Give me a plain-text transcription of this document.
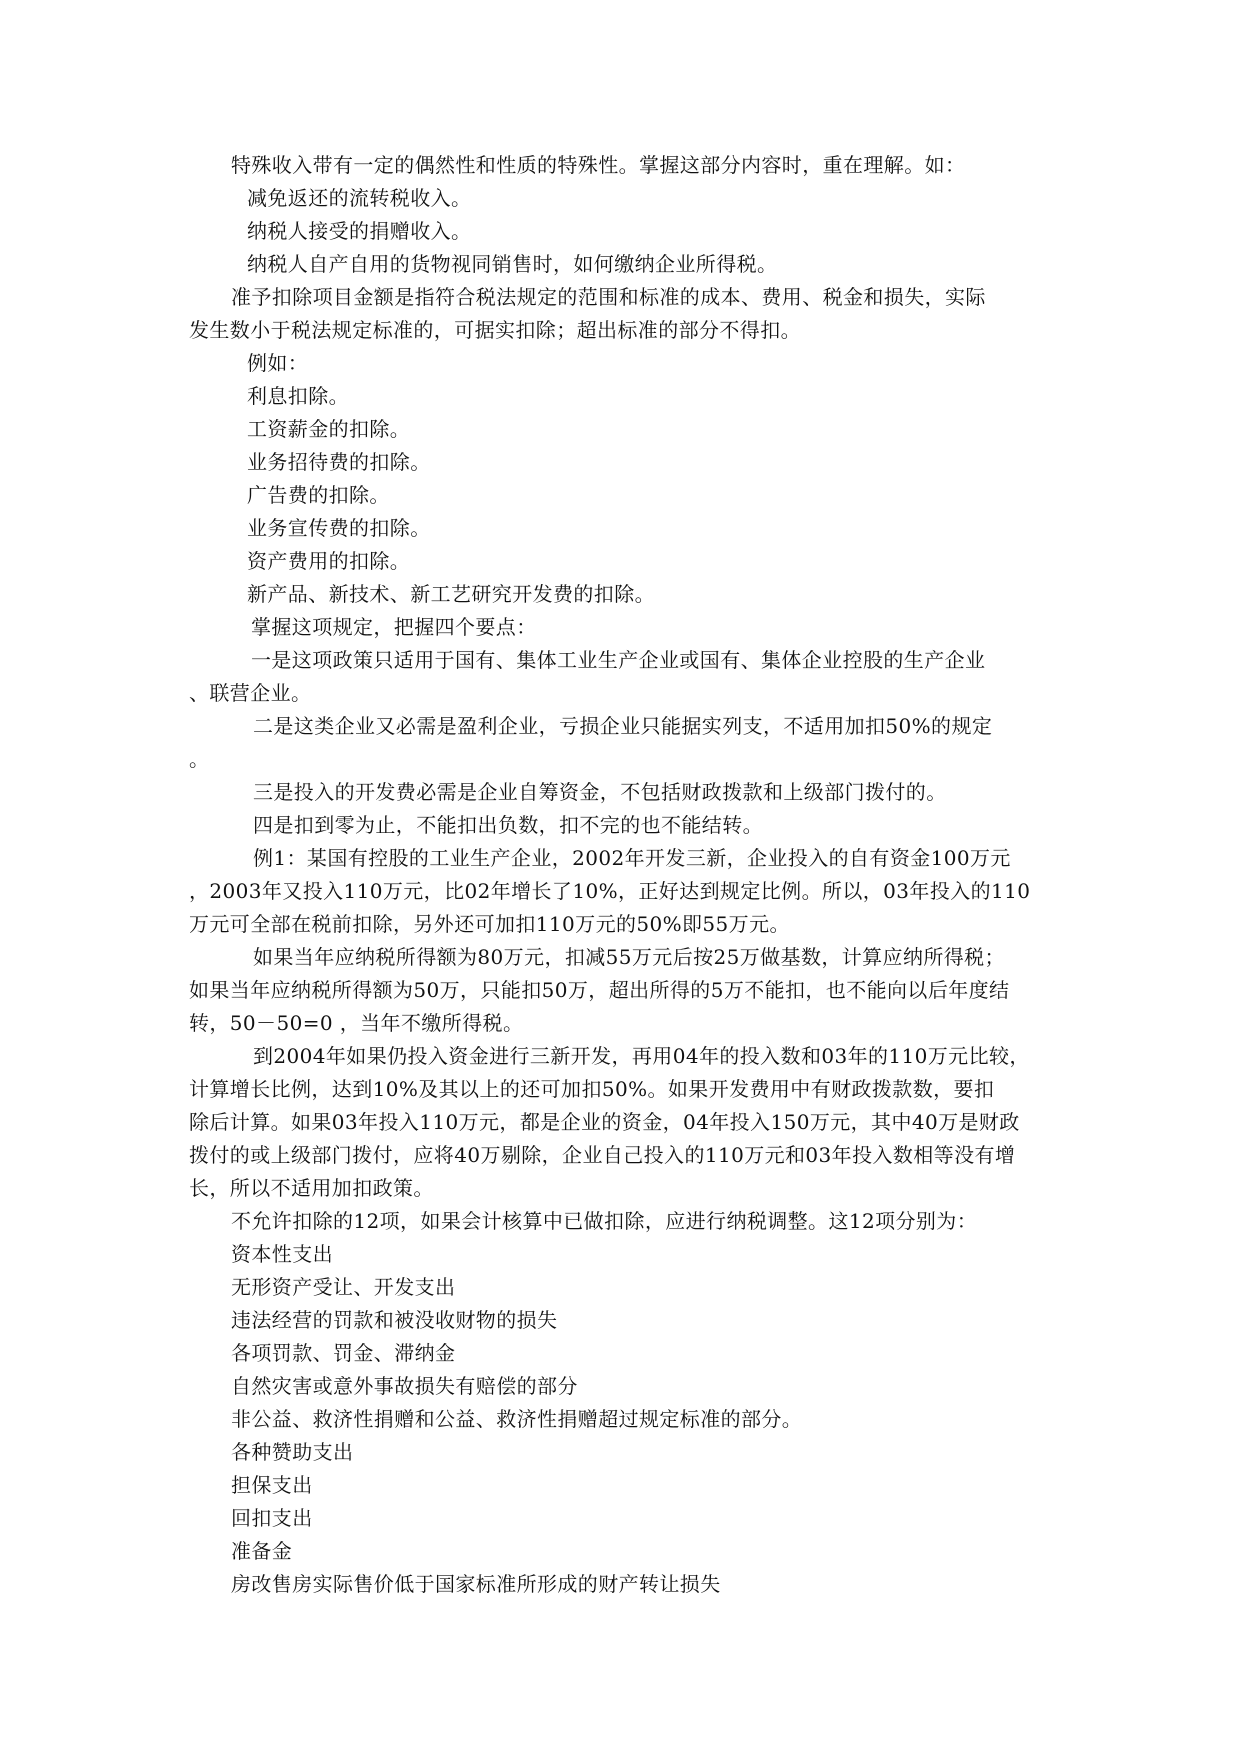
特殊收入带有一定的偶然性和性质的特殊性。掌握这部分内容时，重在理解。如：
减免返还的流转税收入。
纳税人接受的捐赠收入。
纳税人自产自用的货物视同销售时，如何缴纳企业所得税。
准予扣除项目金额是指符合税法规定的范围和标准的成本、费用、税金和损失，实际
发生数小于税法规定标准的，可据实扣除；超出标准的部分不得扣。
例如：
利息扣除。
工资薪金的扣除。
业务招待费的扣除。
广告费的扣除。
业务宣传费的扣除。
资产费用的扣除。
新产品、新技术、新工艺研究开发费的扣除。
掌握这项规定，把握四个要点：
一是这项政策只适用于国有、集体工业生产企业或国有、集体企业控股的生产企业
、联营企业。
二是这类企业又必需是盈利企业，亏损企业只能据实列支，不适用加扣50%的规定
。
三是投入的开发费必需是企业自筹资金，不包括财政拨款和上级部门拨付的。
四是扣到零为止，不能扣出负数，扣不完的也不能结转。
例1：某国有控股的工业生产企业，2002年开发三新，企业投入的自有资金100万元
，2003年又投入110万元，比02年增长了10%，正好达到规定比例。所以，03年投入的110
万元可全部在税前扣除，另外还可加扣110万元的50%即55万元。
如果当年应纳税所得额为80万元，扣减55万元后按25万做基数，计算应纳所得税；
如果当年应纳税所得额为50万，只能扣50万，超出所得的5万不能扣，也不能向以后年度结
转，50－50=0 ，当年不缴所得税。
到2004年如果仍投入资金进行三新开发，再用04年的投入数和03年的110万元比较，
计算增长比例，达到10%及其以上的还可加扣50%。如果开发费用中有财政拨款数，要扣
除后计算。如果03年投入110万元，都是企业的资金，04年投入150万元，其中40万是财政
拨付的或上级部门拨付，应将40万剔除，企业自己投入的110万元和03年投入数相等没有增
长，所以不适用加扣政策。
不允许扣除的12项，如果会计核算中已做扣除，应进行纳税调整。这12项分别为：
资本性支出
无形资产受让、开发支出
违法经营的罚款和被没收财物的损失
各项罚款、罚金、滞纳金
自然灾害或意外事故损失有赔偿的部分
非公益、救济性捐赠和公益、救济性捐赠超过规定标准的部分。
各种赞助支出
担保支出
回扣支出
准备金
房改售房实际售价低于国家标准所形成的财产转让损失
